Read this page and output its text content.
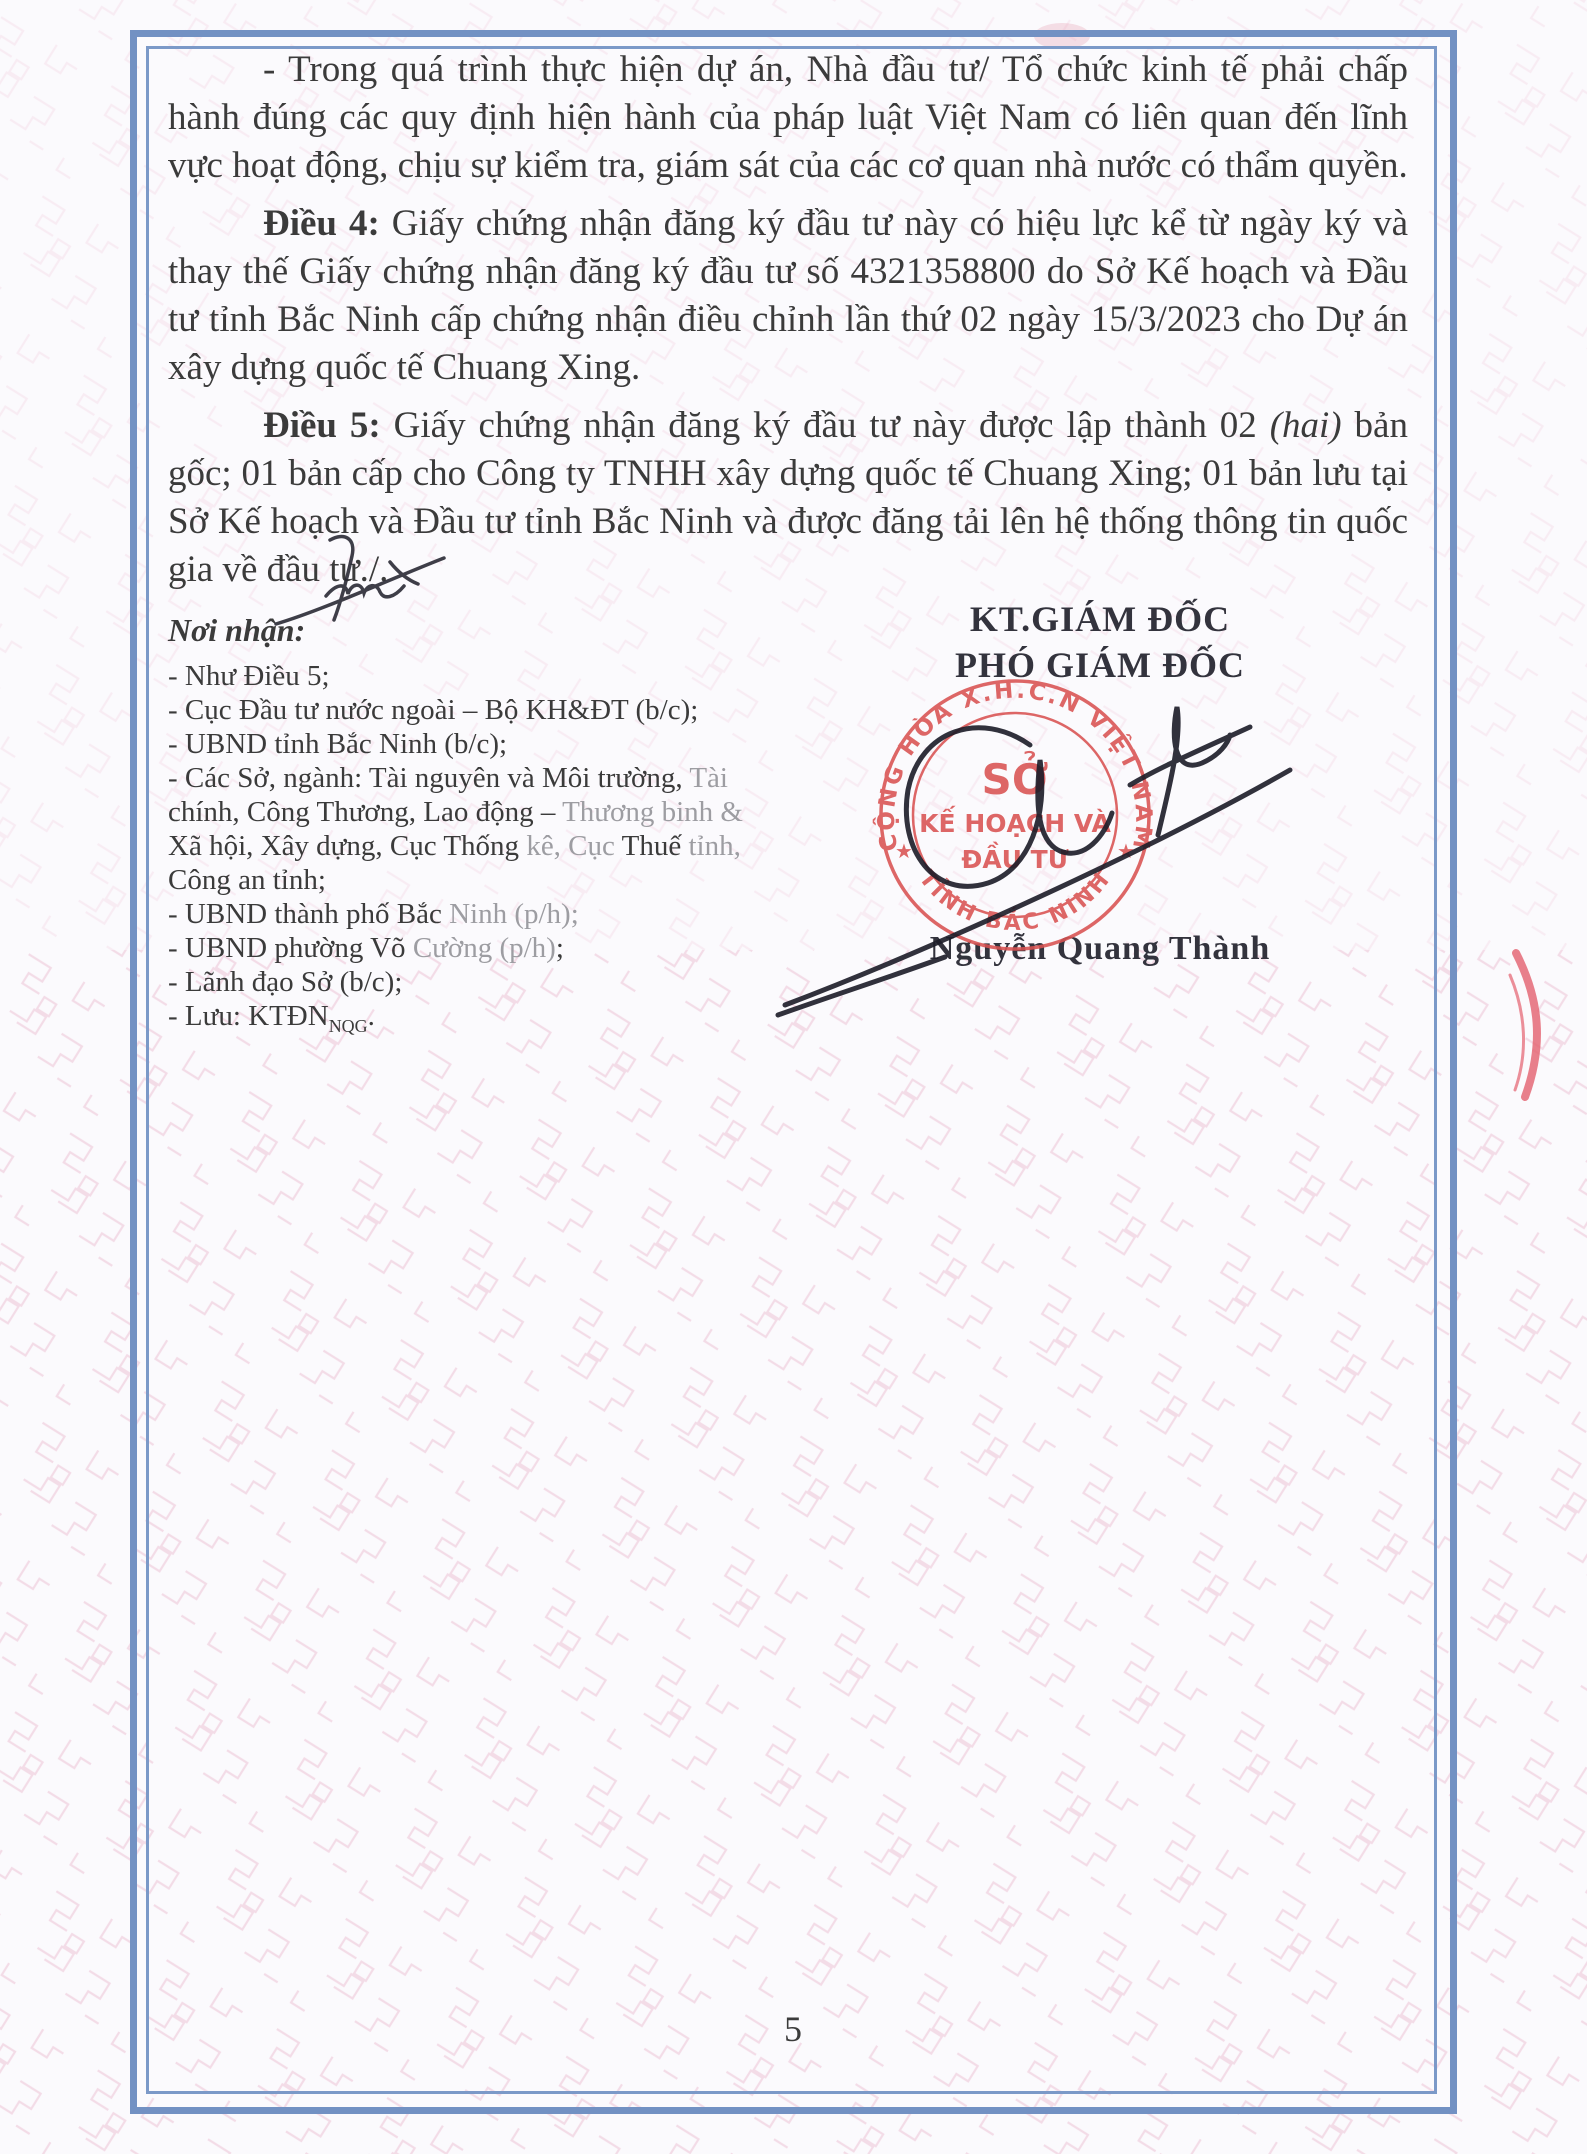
- Trong quá trình thực hiện dự án, Nhà đầu tư/ Tổ chức kinh tế phải chấp hành đúng các quy định hiện hành của pháp luật Việt Nam có liên quan đến lĩnh vực hoạt động, chịu sự kiểm tra, giám sát của các cơ quan nhà nước có thẩm quyền.

Điều 4: Giấy chứng nhận đăng ký đầu tư này có hiệu lực kể từ ngày ký và thay thế Giấy chứng nhận đăng ký đầu tư số 4321358800 do Sở Kế hoạch và Đầu tư tỉnh Bắc Ninh cấp chứng nhận điều chỉnh lần thứ 02 ngày 15/3/2023 cho Dự án xây dựng quốc tế Chuang Xing.

Điều 5: Giấy chứng nhận đăng ký đầu tư này được lập thành 02 (hai) bản gốc; 01 bản cấp cho Công ty TNHH xây dựng quốc tế Chuang Xing; 01 bản lưu tại Sở Kế hoạch và Đầu tư tỉnh Bắc Ninh và được đăng tải lên hệ thống thông tin quốc gia về đầu tư./.

Nơi nhận:
- Như Điều 5;
- Cục Đầu tư nước ngoài – Bộ KH&ĐT (b/c);
- UBND tỉnh Bắc Ninh (b/c);
- Các Sở, ngành: Tài nguyên và Môi trường, Tài chính, Công Thương, Lao động – Thương binh & Xã hội, Xây dựng, Cục Thống kê, Cục Thuế tỉnh, Công an tỉnh;
- UBND thành phố Bắc Ninh (p/h);
- UBND phường Võ Cường (p/h);
- Lãnh đạo Sở (b/c);
- Lưu: $KTĐN_{NQG}$.
KT.GIÁM ĐỐC
PHÓ GIÁM ĐỐC
CỘNG HÒA X.H.C.N VIỆT NAM
TỈNH BẮC NINH
SỞ
KẾ HOẠCH VÀ
ĐẦU TƯ
★	★
Nguyễn Quang Thành
5
